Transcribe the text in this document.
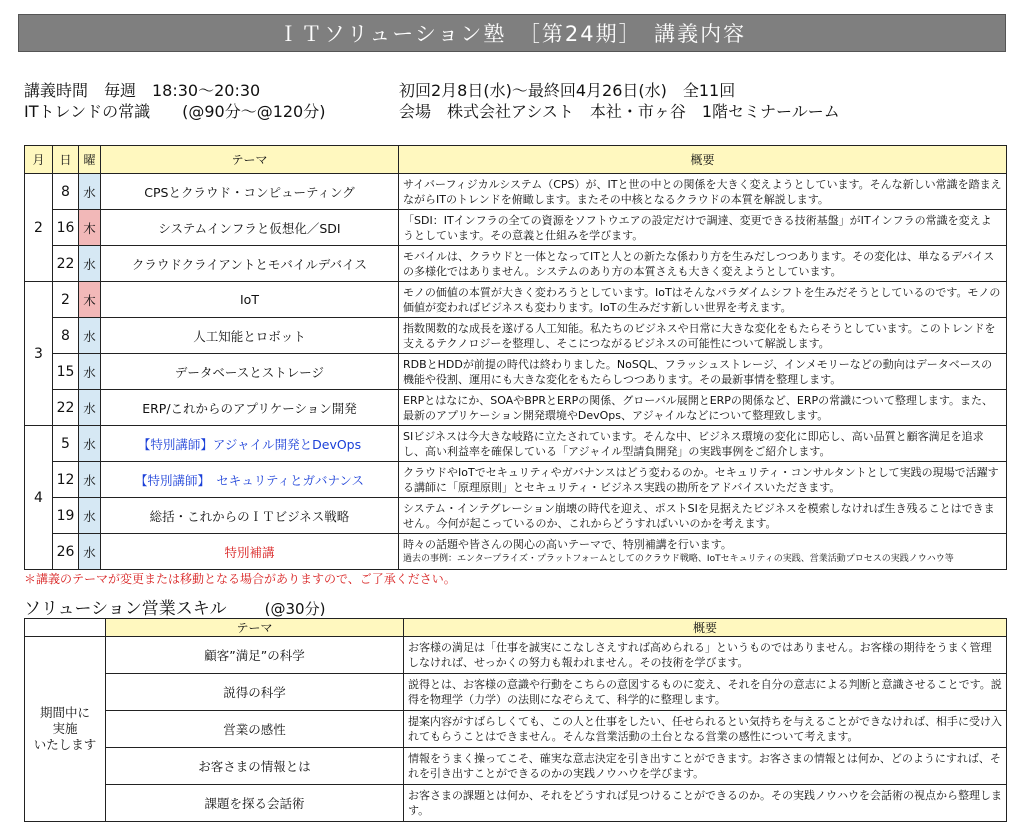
ＩＴソリューション塾　［第24期］　講義内容
講義時間　毎週　18:30～20:30	初回2月8日(水)～最終回4月26日(水)　全11回
ITトレンドの常識　　(@90分～@120分)	会場　株式会社アシスト　本社・市ヶ谷　1階セミナールーム
月	日	曜	テーマ	概要
2	8	水	CPSとクラウド・コンピューティング	サイバーフィジカルシステム（CPS）が、ITと世の中との関係を大きく変えようとしています。そんな新しい常識を踏まえながらITのトレンドを俯瞰します。またその中核となるクラウドの本質を解説します。
	16	木	システムインフラと仮想化／SDI	「SDI：ITインフラの全ての資源をソフトウエアの設定だけで調達、変更できる技術基盤」がITインフラの常識を変えようとしています。その意義と仕組みを学びます。
	22	水	クラウドクライアントとモバイルデバイス	モバイルは、クラウドと一体となってITと人との新たな係わり方を生みだしつつあります。その変化は、単なるデバイスの多様化ではありません。システムのあり方の本質さえも大きく変えようとしています。
3	2	木	IoT	モノの価値の本質が大きく変わろうとしています。IoTはそんなパラダイムシフトを生みだそうとしているのです。モノの価値が変わればビジネスも変わります。IoTの生みだす新しい世界を考えます。
	8	水	人工知能とロボット	指数関数的な成長を遂げる人工知能。私たちのビジネスや日常に大きな変化をもたらそうとしています。このトレンドを支えるテクノロジーを整理し、そこにつながるビジネスの可能性について解説します。
	15	水	データベースとストレージ	RDBとHDDが前提の時代は終わりました。NoSQL、フラッシュストレージ、インメモリーなどの動向はデータベースの機能や役割、運用にも大きな変化をもたらしつつあります。その最新事情を整理します。
	22	水	ERP/これからのアプリケーション開発	ERPとはなにか、SOAやBPRとERPの関係、グローバル展開とERPの関係など、ERPの常識について整理します。また、最新のアプリケーション開発環境やDevOps、アジャイルなどについて整理致します。
4	5	水	【特別講師】アジャイル開発とDevOps	SIビジネスは今大きな岐路に立たされています。そんな中、ビジネス環境の変化に即応し、高い品質と顧客満足を追求し、高い利益率を確保している「アジャイル型請負開発」の実践事例をご紹介します。
	12	水	【特別講師】　セキュリティとガバナンス	クラウドやIoTでセキュリティやガバナンスはどう変わるのか。セキュリティ・コンサルタントとして実践の現場で活躍する講師に「原理原則」とセキュリティ・ビジネス実践の勘所をアドバイスいただきます。
	19	水	総括・これからのＩＴビジネス戦略	システム・インテグレーション崩壊の時代を迎え、ポストSIを見据えたビジネスを模索しなければ生き残ることはできません。今何が起こっているのか、これからどうすればいいのかを考えます。
	26	水	特別補講	時々の話題や皆さんの関心の高いテーマで、特別補講を行います。
過去の事例：エンタープライズ・プラットフォームとしてのクラウド戦略、IoTセキュリティの実践、営業活動プロセスの実践ノウハウ等
＊講義のテーマが変更または移動となる場合がありますので、ご了承ください。
ソリューション営業スキル	(@30分)
	テーマ	概要

期間中に
実施
いたします	顧客”満足”の科学	お客様の満足は「仕事を誠実にこなしさえすれば高められる」というものではありません。お客様の期待をうまく管理しなければ、せっかくの努力も報われません。その技術を学びます。
	説得の科学	説得とは、お客様の意識や行動をこちらの意図するものに変え、それを自分の意志による判断と意識させることです。説得を物理学（力学）の法則になぞらえて、科学的に整理します。
	営業の感性	提案内容がすばらしくても、この人と仕事をしたい、任せられるとい気持ちを与えることができなければ、相手に受け入れてもらうことはできません。そんな営業活動の土台となる営業の感性について考えます。
	お客さまの情報とは	情報をうまく操ってこそ、確実な意志決定を引き出すことができます。お客さまの情報とは何か、どのようにすれば、それを引き出すことができるのかの実践ノウハウを学びます。
	課題を探る会話術	お客さまの課題とは何か、それをどうすれば見つけることができるのか。その実践ノウハウを会話術の視点から整理します。
